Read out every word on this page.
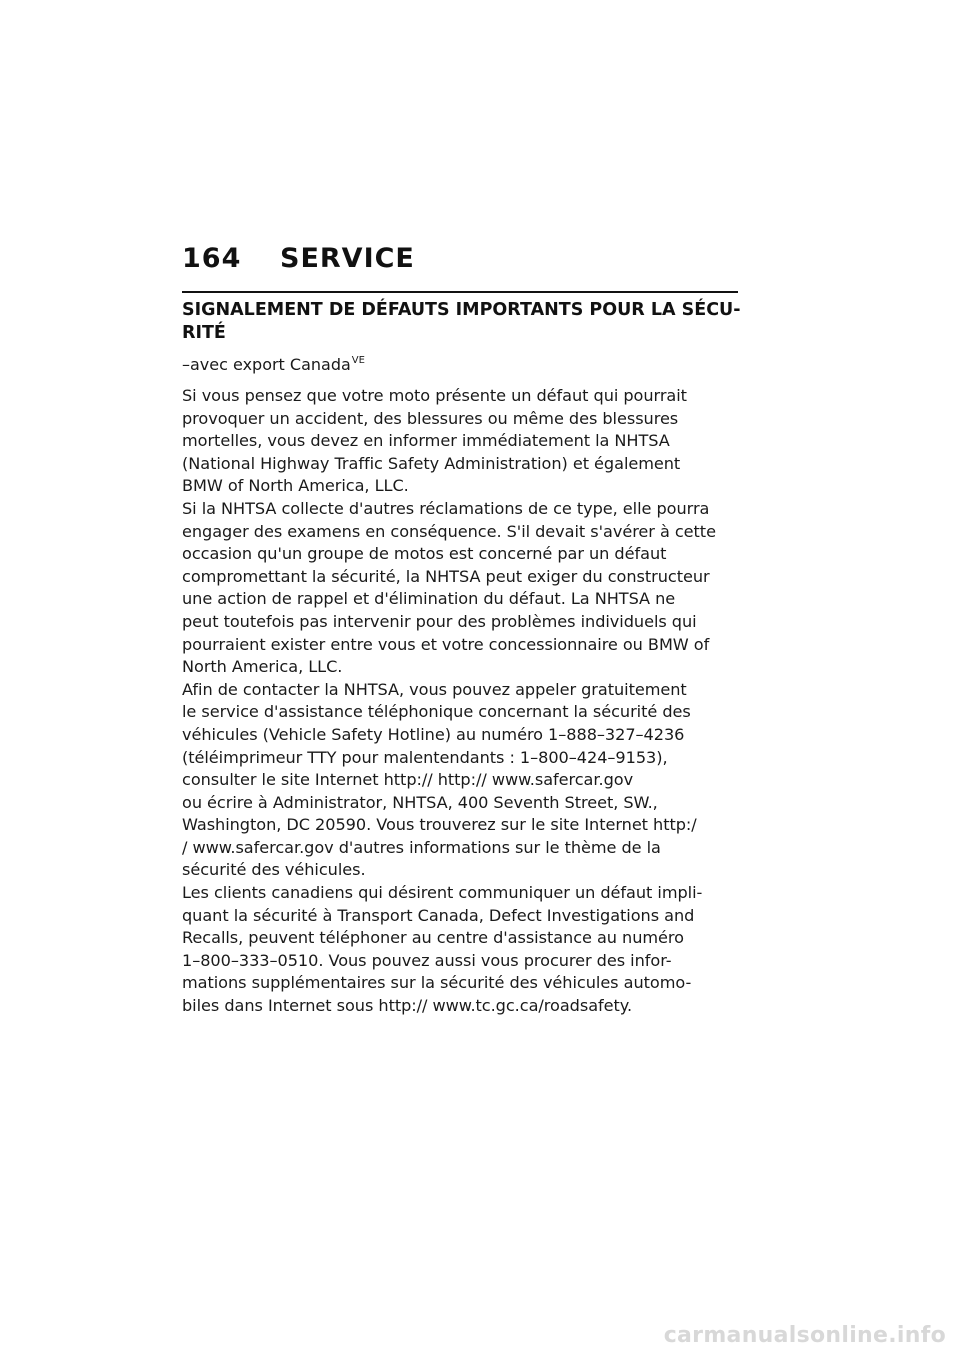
164	SERVICE
SIGNALEMENT DE DÉFAUTS IMPORTANTS POUR LA SÉCU-
RITÉ
–avec export Canada$^{VE}$
Si vous pensez que votre moto présente un défaut qui pourrait
provoquer un accident, des blessures ou même des blessures
mortelles, vous devez en informer immédiatement la NHTSA
(National Highway Traffic Safety Administration) et également
BMW of North America, LLC.
Si la NHTSA collecte d'autres réclamations de ce type, elle pourra
engager des examens en conséquence. S'il devait s'avérer à cette
occasion qu'un groupe de motos est concerné par un défaut
compromettant la sécurité, la NHTSA peut exiger du constructeur
une action de rappel et d'élimination du défaut. La NHTSA ne
peut toutefois pas intervenir pour des problèmes individuels qui
pourraient exister entre vous et votre concessionnaire ou BMW of
North America, LLC.
Afin de contacter la NHTSA, vous pouvez appeler gratuitement
le service d'assistance téléphonique concernant la sécurité des
véhicules (Vehicle Safety Hotline) au numéro 1–888–327–4236
(téléimprimeur TTY pour malentendants : 1–800–424–9153),
consulter le site Internet http:// http:// www.safercar.gov
ou écrire à Administrator, NHTSA, 400 Seventh Street, SW.,
Washington, DC 20590. Vous trouverez sur le site Internet http:/
/ www.safercar.gov d'autres informations sur le thème de la
sécurité des véhicules.
Les clients canadiens qui désirent communiquer un défaut impli-
quant la sécurité à Transport Canada, Defect Investigations and
Recalls, peuvent téléphoner au centre d'assistance au numéro
1–800–333–0510. Vous pouvez aussi vous procurer des infor-
mations supplémentaires sur la sécurité des véhicules automo-
biles dans Internet sous http:// www.tc.gc.ca/roadsafety.
carmanualsonline.info
